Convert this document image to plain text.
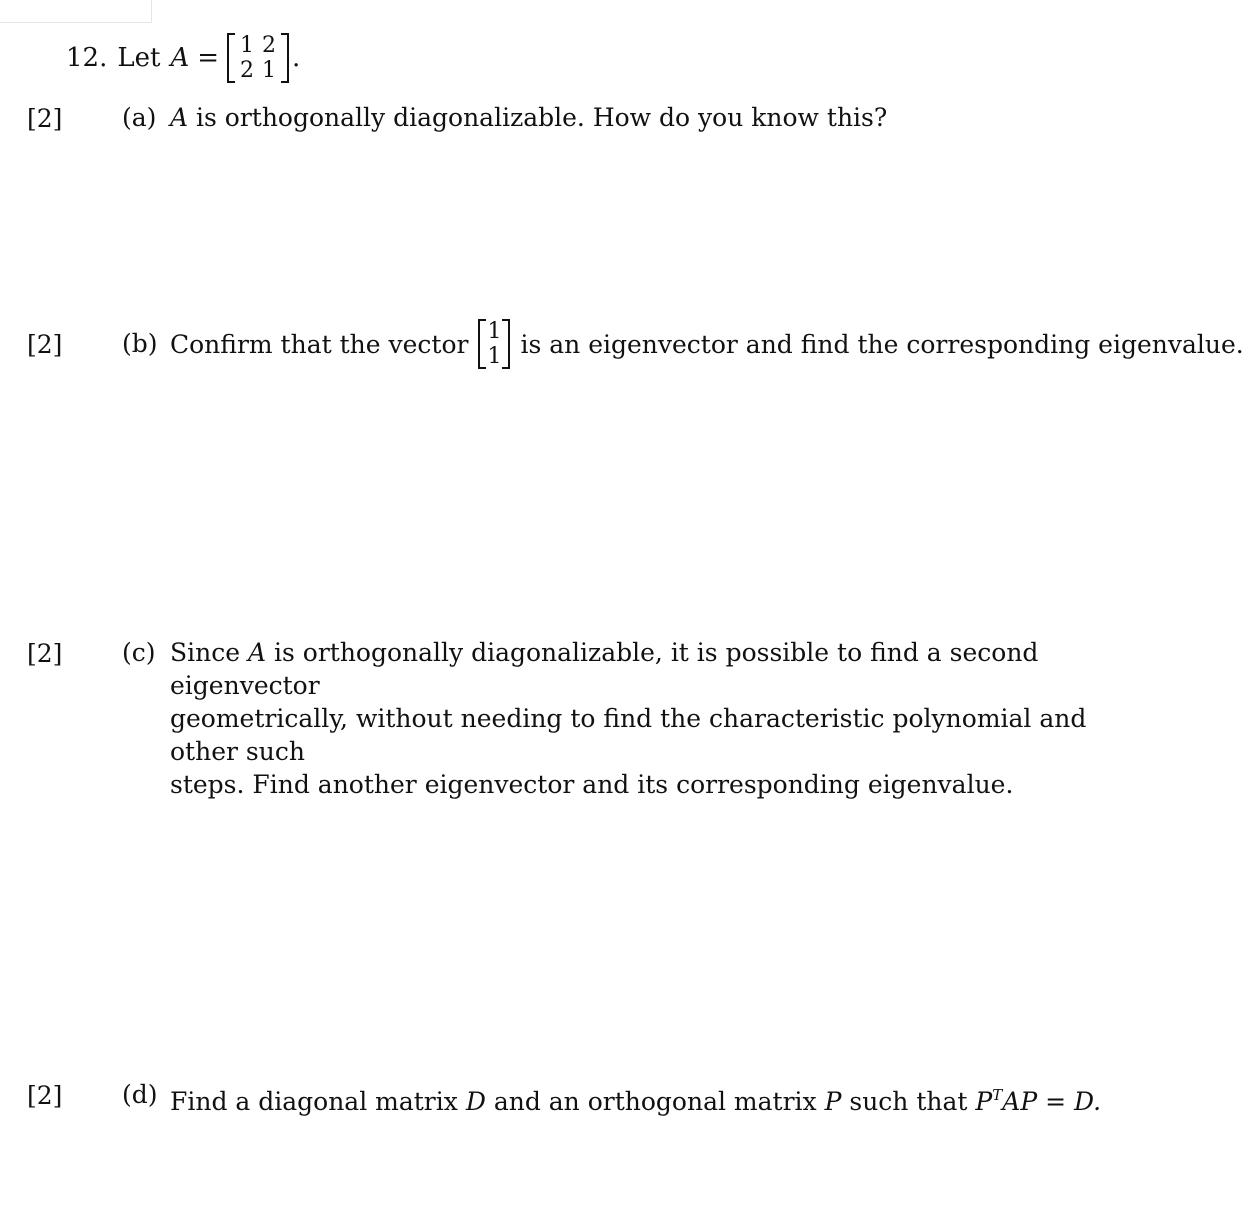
12. Let A = 1 2
2 1 .
[2]
[2]
[2]
[2]
(a) A is orthogonally diagonalizable. How do you know this?
(b) Confirm that the vector 1
1 is an eigenvector and find the corresponding eigenvalue.
(c) Since A is orthogonally diagonalizable, it is possible to find a second eigenvector
geometrically, without needing to find the characteristic polynomial and other such
steps. Find another eigenvector and its corresponding eigenvalue.
(d) Find a diagonal matrix D and an orthogonal matrix P such that $P^TAP = D$.
